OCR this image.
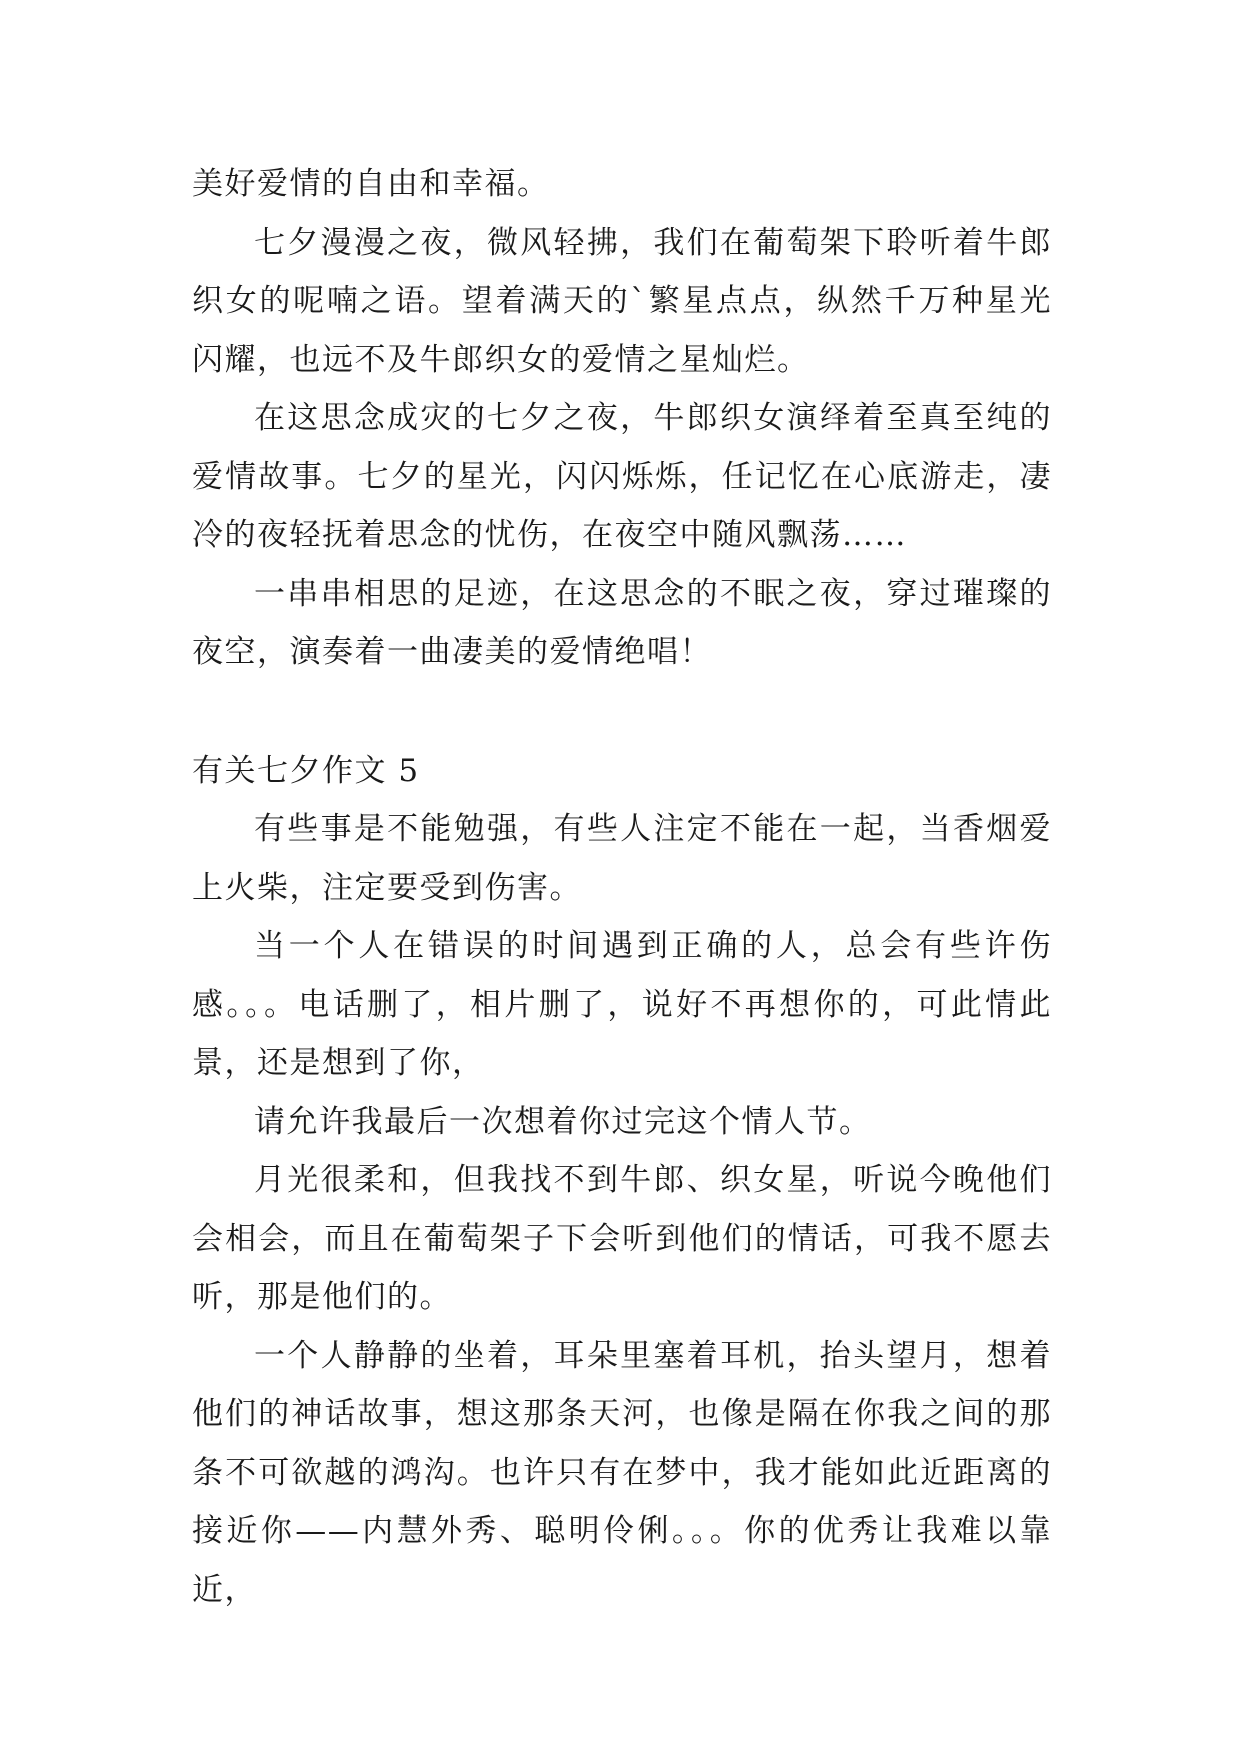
美好爱情的自由和幸福。

七夕漫漫之夜，微风轻拂，我们在葡萄架下聆听着牛郎织女的呢喃之语。望着满天的`繁星点点，纵然千万种星光闪耀，也远不及牛郎织女的爱情之星灿烂。

在这思念成灾的七夕之夜，牛郎织女演绎着至真至纯的爱情故事。七夕的星光，闪闪烁烁，任记忆在心底游走，凄冷的夜轻抚着思念的忧伤，在夜空中随风飘荡……

一串串相思的足迹，在这思念的不眠之夜，穿过璀璨的夜空，演奏着一曲凄美的爱情绝唱！

有关七夕作文 5

有些事是不能勉强，有些人注定不能在一起，当香烟爱上火柴，注定要受到伤害。

当一个人在错误的时间遇到正确的人，总会有些许伤感。。。电话删了，相片删了，说好不再想你的，可此情此景，还是想到了你，

请允许我最后一次想着你过完这个情人节。

月光很柔和，但我找不到牛郎、织女星，听说今晚他们会相会，而且在葡萄架子下会听到他们的情话，可我不愿去听，那是他们的。

一个人静静的坐着，耳朵里塞着耳机，抬头望月，想着他们的神话故事，想这那条天河，也像是隔在你我之间的那条不可欲越的鸿沟。也许只有在梦中，我才能如此近距离的接近你——内慧外秀、聪明伶俐。。。你的优秀让我难以靠近，
